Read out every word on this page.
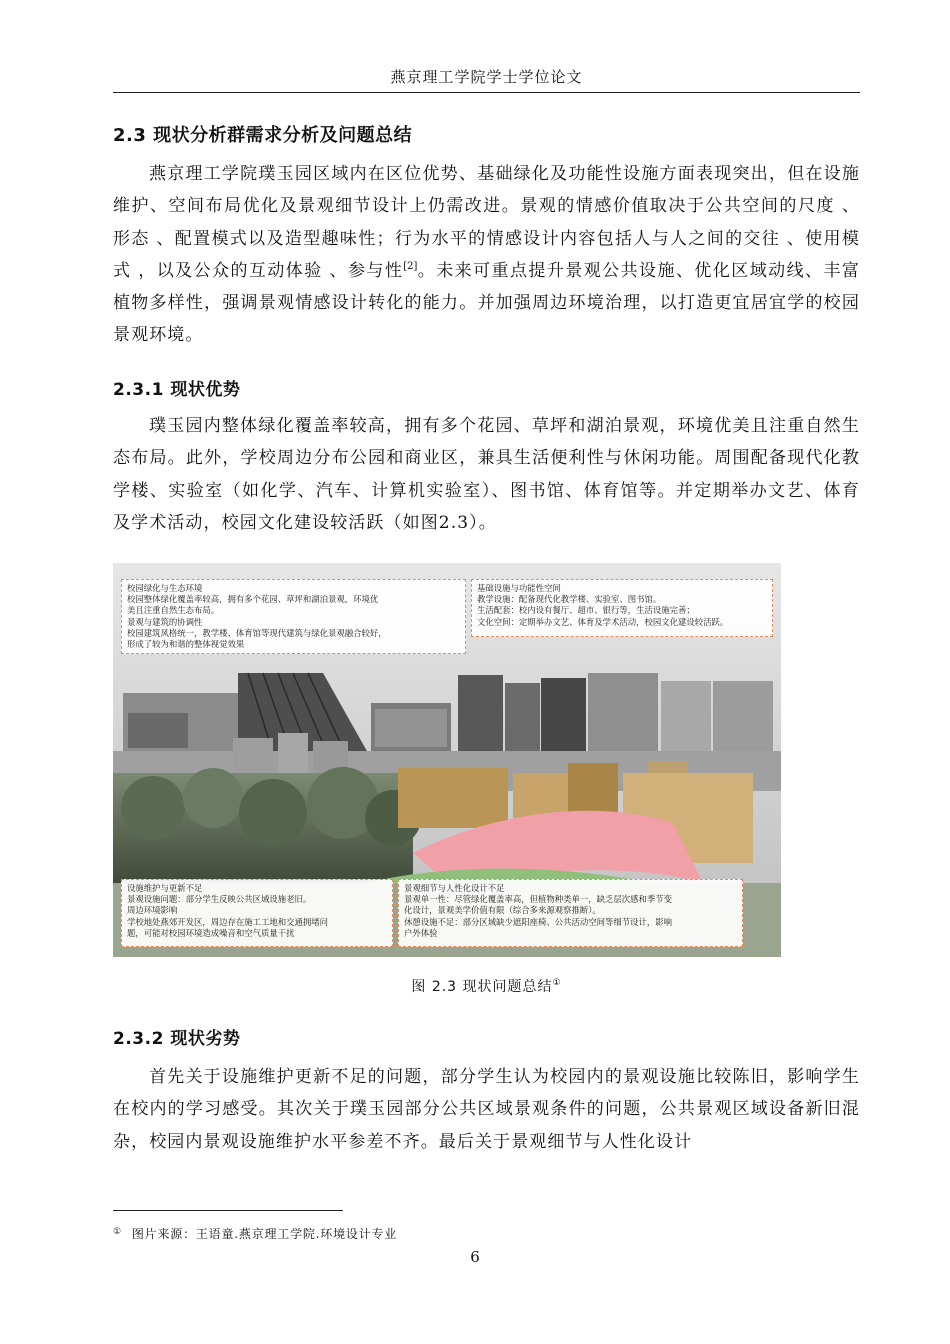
燕京理工学院学士学位论文
2.3 现状分析群需求分析及问题总结
燕京理工学院璞玉园区域内在区位优势、基础绿化及功能性设施方面表现突出，但在设施维护、空间布局优化及景观细节设计上仍需改进。景观的情感价值取决于公共空间的尺度 、形态 、配置模式以及造型趣味性；行为水平的情感设计内容包括人与人之间的交往 、使用模式 ，以及公众的互动体验 、参与性[2]。未来可重点提升景观公共设施、优化区域动线、丰富植物多样性，强调景观情感设计转化的能力。并加强周边环境治理，以打造更宜居宜学的校园景观环境。
2.3.1 现状优势
璞玉园内整体绿化覆盖率较高，拥有多个花园、草坪和湖泊景观，环境优美且注重自然生态布局。此外，学校周边分布公园和商业区，兼具生活便利性与休闲功能。周围配备现代化教学楼、实验室（如化学、汽车、计算机实验室）、图书馆、体育馆等。并定期举办文艺、体育及学术活动，校园文化建设较活跃（如图2.3）。
校园绿化与生态环境
校园整体绿化覆盖率较高，拥有多个花园、草坪和湖泊景观，环境优
美且注重自然生态布局。
景观与建筑的协调性
校园建筑风格统一，教学楼、体育馆等现代建筑与绿化景观融合较好，
形成了较为和谐的整体视觉效果
基础设施与功能性空间
教学设施：配备现代化教学楼、实验室、图书馆。
生活配套：校内设有餐厅、超市、银行等，生活设施完善；
文化空间：定期举办文艺、体育及学术活动，校园文化建设较活跃。
设施维护与更新不足
景观设施问题：部分学生反映公共区域设施老旧。
周边环境影响
学校地处燕郊开发区，周边存在施工工地和交通拥堵问
题，可能对校园环境造成噪音和空气质量干扰
景观细节与人性化设计不足
景观单一性：尽管绿化覆盖率高，但植物种类单一，缺乏层次感和季节变
化设计，景观美学价值有限（综合多来源观察推断）。
休憩设施不足：部分区域缺少遮阳座椅、公共活动空间等细节设计，影响
户外体验
图 2.3 现状问题总结①
2.3.2 现状劣势
首先关于设施维护更新不足的问题，部分学生认为校园内的景观设施比较陈旧，影响学生在校内的学习感受。其次关于璞玉园部分公共区域景观条件的问题，公共景观区域设备新旧混杂，校园内景观设施维护水平参差不齐。最后关于景观细节与人性化设计
① 图片来源：王语童.燕京理工学院.环境设计专业
6
